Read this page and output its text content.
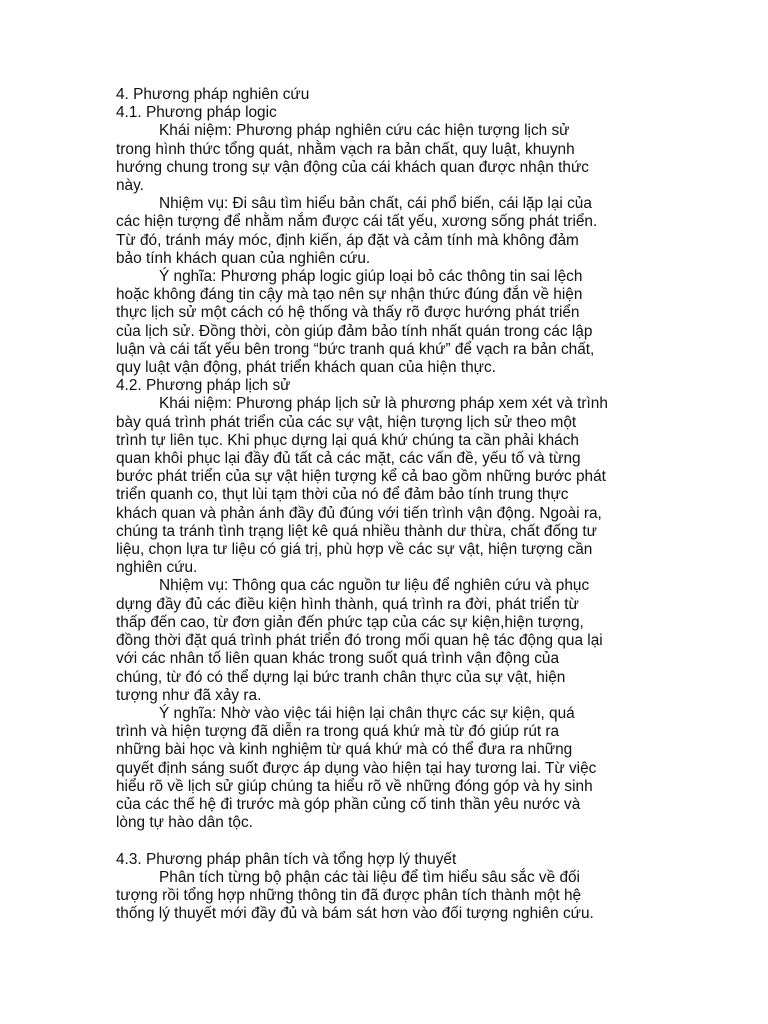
4. Phương pháp nghiên cứu

4.1. Phương pháp logic

Khái niệm: Phương pháp nghiên cứu các hiện tượng lịch sử

trong hình thức tổng quát, nhằm vạch ra bản chất, quy luật, khuynh

hướng chung trong sự vận động của cái khách quan được nhận thức

này.

Nhiệm vụ: Đi sâu tìm hiểu bản chất, cái phổ biến, cái lặp lại của

các hiện tượng để nhằm nắm được cái tất yếu, xương sống phát triển.

Từ đó, tránh máy móc, định kiến, áp đặt và cảm tính mà không đảm

bảo tính khách quan của nghiên cứu.

Ý nghĩa: Phương pháp logic giúp loại bỏ các thông tin sai lệch

hoặc không đáng tin cậy mà tạo nên sự nhận thức đúng đắn về hiện

thực lịch sử một cách có hệ thống và thấy rõ được hướng phát triển

của lịch sử. Đồng thời, còn giúp đảm bảo tính nhất quán trong các lập

luận và cái tất yếu bên trong “bức tranh quá khứ” để vạch ra bản chất,

quy luật vận động, phát triển khách quan của hiện thực.

4.2. Phương pháp lịch sử

Khái niệm: Phương pháp lịch sử là phương pháp xem xét và trình

bày quá trình phát triển của các sự vật, hiện tượng lịch sử theo một

trình tự liên tục. Khi phục dựng lại quá khứ chúng ta cần phải khách

quan khôi phục lại đầy đủ tất cả các mặt, các vấn đề, yếu tố và từng

bước phát triển của sự vật hiện tượng kể cả bao gồm những bước phát

triển quanh co, thụt lùi tạm thời của nó để đảm bảo tính trung thực

khách quan và phản ánh đầy đủ đúng với tiến trình vận động. Ngoài ra,

chúng ta tránh tình trạng liệt kê quá nhiều thành dư thừa, chất đống tư

liệu, chọn lựa tư liệu có giá trị, phù hợp về các sự vật, hiện tượng cần

nghiên cứu.

Nhiệm vụ: Thông qua các nguồn tư liệu để nghiên cứu và phục

dựng đầy đủ các điều kiện hình thành, quá trình ra đời, phát triển từ

thấp đến cao, từ đơn giản đến phức tạp của các sự kiện,hiện tượng,

đồng thời đặt quá trình phát triển đó trong mối quan hệ tác động qua lại

với các nhân tố liên quan khác trong suốt quá trình vận động của

chúng, từ đó có thể dựng lại bức tranh chân thực của sự vật, hiện

tượng như đã xảy ra.

Ý nghĩa: Nhờ vào việc tái hiện lại chân thực các sự kiện, quá

trình và hiện tượng đã diễn ra trong quá khứ mà từ đó giúp rút ra

những bài học và kinh nghiệm từ quá khứ mà có thể đưa ra những

quyết định sáng suốt được áp dụng vào hiện tại hay tương lai. Từ việc

hiểu rõ về lịch sử giúp chúng ta hiểu rõ về những đóng góp và hy sinh

của các thế hệ đi trước mà góp phần củng cố tinh thần yêu nước và

lòng tự hào dân tộc.

4.3. Phương pháp phân tích và tổng hợp lý thuyết

Phân tích từng bộ phận các tài liệu để tìm hiểu sâu sắc về đối

tượng rồi tổng hợp những thông tin đã được phân tích thành một hệ

thống lý thuyết mới đầy đủ và bám sát hơn vào đối tượng nghiên cứu.
